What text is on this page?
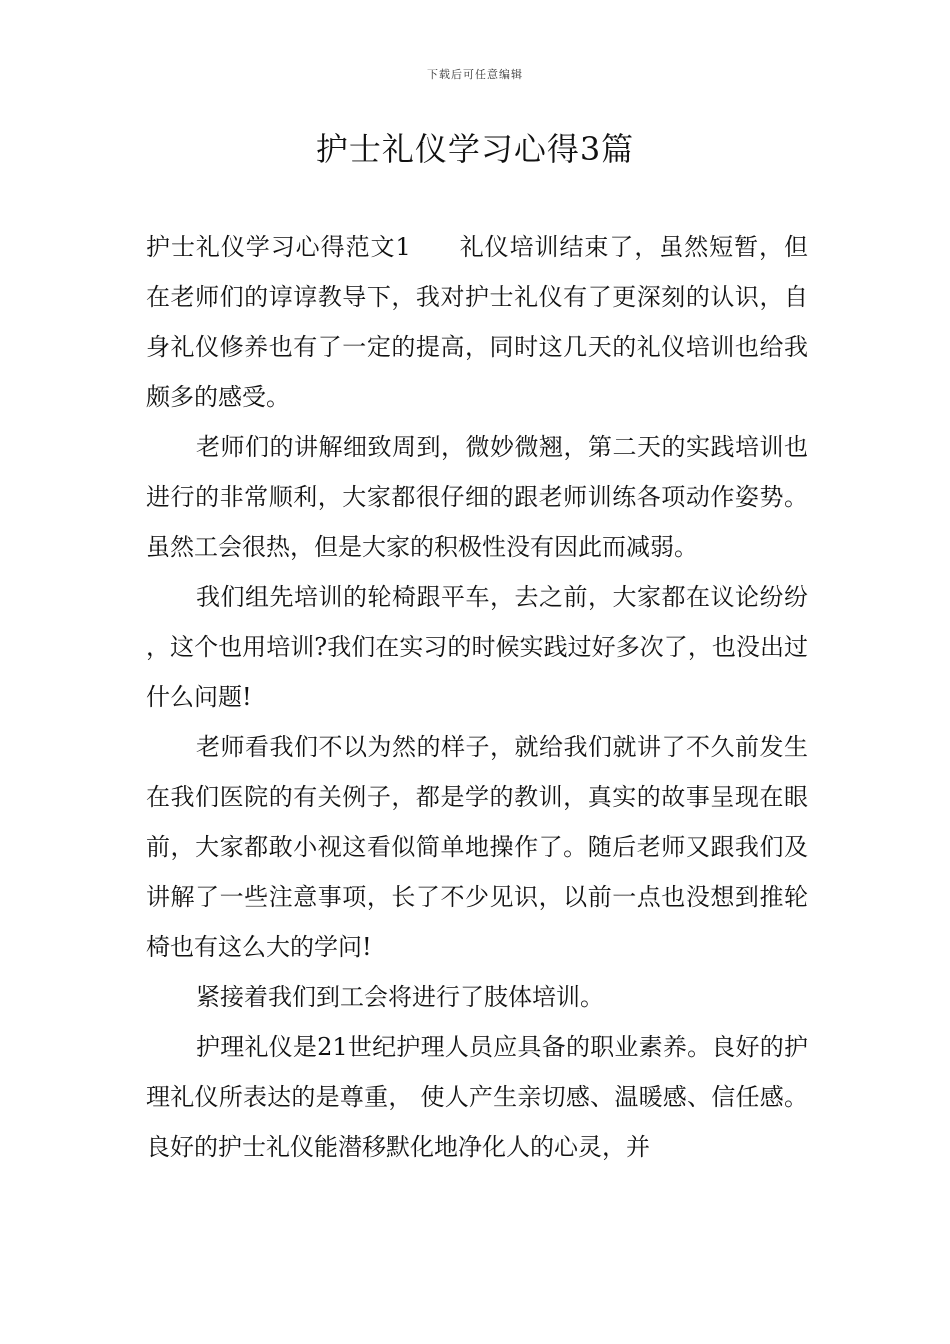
下载后可任意编辑
护士礼仪学习心得3篇

护士礼仪学习心得范文1 礼仪培训结束了，虽然短暂，但在老师们的谆谆教导下，我对护士礼仪有了更深刻的认识，自身礼仪修养也有了一定的提高，同时这几天的礼仪培训也给我颇多的感受。

老师们的讲解细致周到，微妙微翘，第二天的实践培训也进行的非常顺利，大家都很仔细的跟老师训练各项动作姿势。虽然工会很热，但是大家的积极性没有因此而减弱。

我们组先培训的轮椅跟平车，去之前，大家都在议论纷纷 ，这个也用培训?我们在实习的时候实践过好多次了，也没出过什么问题!

老师看我们不以为然的样子，就给我们就讲了不久前发生在我们医院的有关例子，都是学的教训，真实的故事呈现在眼前，大家都敢小视这看似简单地操作了。随后老师又跟我们及讲解了一些注意事项，长了不少见识，以前一点也没想到推轮椅也有这么大的学问!

紧接着我们到工会将进行了肢体培训。

护理礼仪是21世纪护理人员应具备的职业素养。良好的护理礼仪所表达的是尊重， 使人产生亲切感、温暖感、信任感。良好的护士礼仪能潜移默化地净化人的心灵，并
